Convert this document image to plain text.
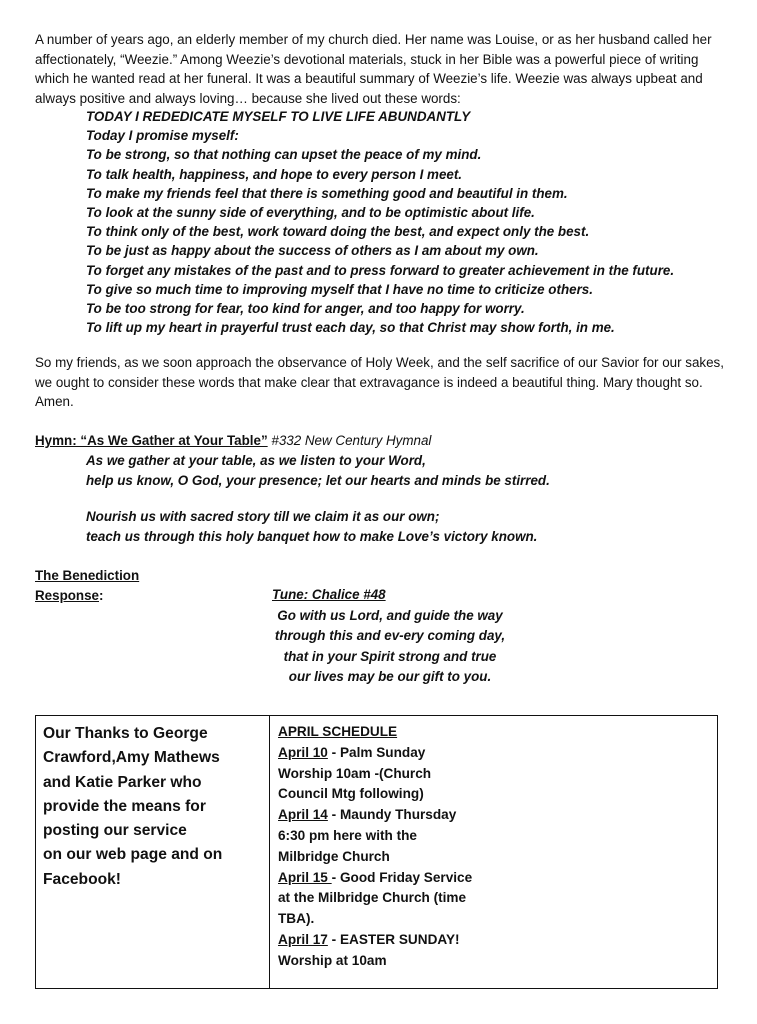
A number of years ago, an elderly member of my church died. Her name was Louise, or as her husband called her affectionately, “Weezie.” Among Weezie’s devotional materials, stuck in her Bible was a powerful piece of writing which he wanted read at her funeral. It was a beautiful summary of Weezie’s life. Weezie was always upbeat and always positive and always loving… because she lived out these words:

TODAY I REDEDICATE MYSELF TO LIVE LIFE ABUNDANTLY
Today I promise myself:
To be strong, so that nothing can upset the peace of my mind.
To talk health, happiness, and hope to every person I meet.
To make my friends feel that there is something good and beautiful in them.
To look at the sunny side of everything, and to be optimistic about life.
To think only of the best, work toward doing the best, and expect only the best.
To be just as happy about the success of others as I am about my own.
To forget any mistakes of the past and to press forward to greater achievement in the future.
To give so much time to improving myself that I have no time to criticize others.
To be too strong for fear, too kind for anger, and too happy for worry.
To lift up my heart in prayerful trust each day, so that Christ may show forth, in me.

So my friends, as we soon approach the observance of Holy Week, and the self sacrifice of our Savior for our sakes, we ought to consider these words that make clear that extravagance is indeed a beautiful thing. Mary thought so. Amen.

Hymn: “As We Gather at Your Table” #332 New Century Hymnal
As we gather at your table, as we listen to your Word,
help us know, O God, your presence; let our hearts and minds be stirred.
Nourish us with sacred story till we claim it as our own;
teach us through this holy banquet how to make Love’s victory known.
The Benediction
Response:	Tune: Chalice #48
Go with us Lord, and guide the way
through this and ev-ery coming day,
that in your Spirit strong and true
our lives may be our gift to you.
Our Thanks to George
Crawford,Amy Mathews
and Katie Parker who
provide the means for
posting our service
on our web page and on
Facebook!
APRIL SCHEDULE
April 10 - Palm Sunday
Worship 10am -(Church
Council Mtg following)
April 14 - Maundy Thursday
6:30 pm here with the
Milbridge Church
April 15 - Good Friday Service
at the Milbridge Church (time
TBA).
April 17 - EASTER SUNDAY!
Worship at 10am
